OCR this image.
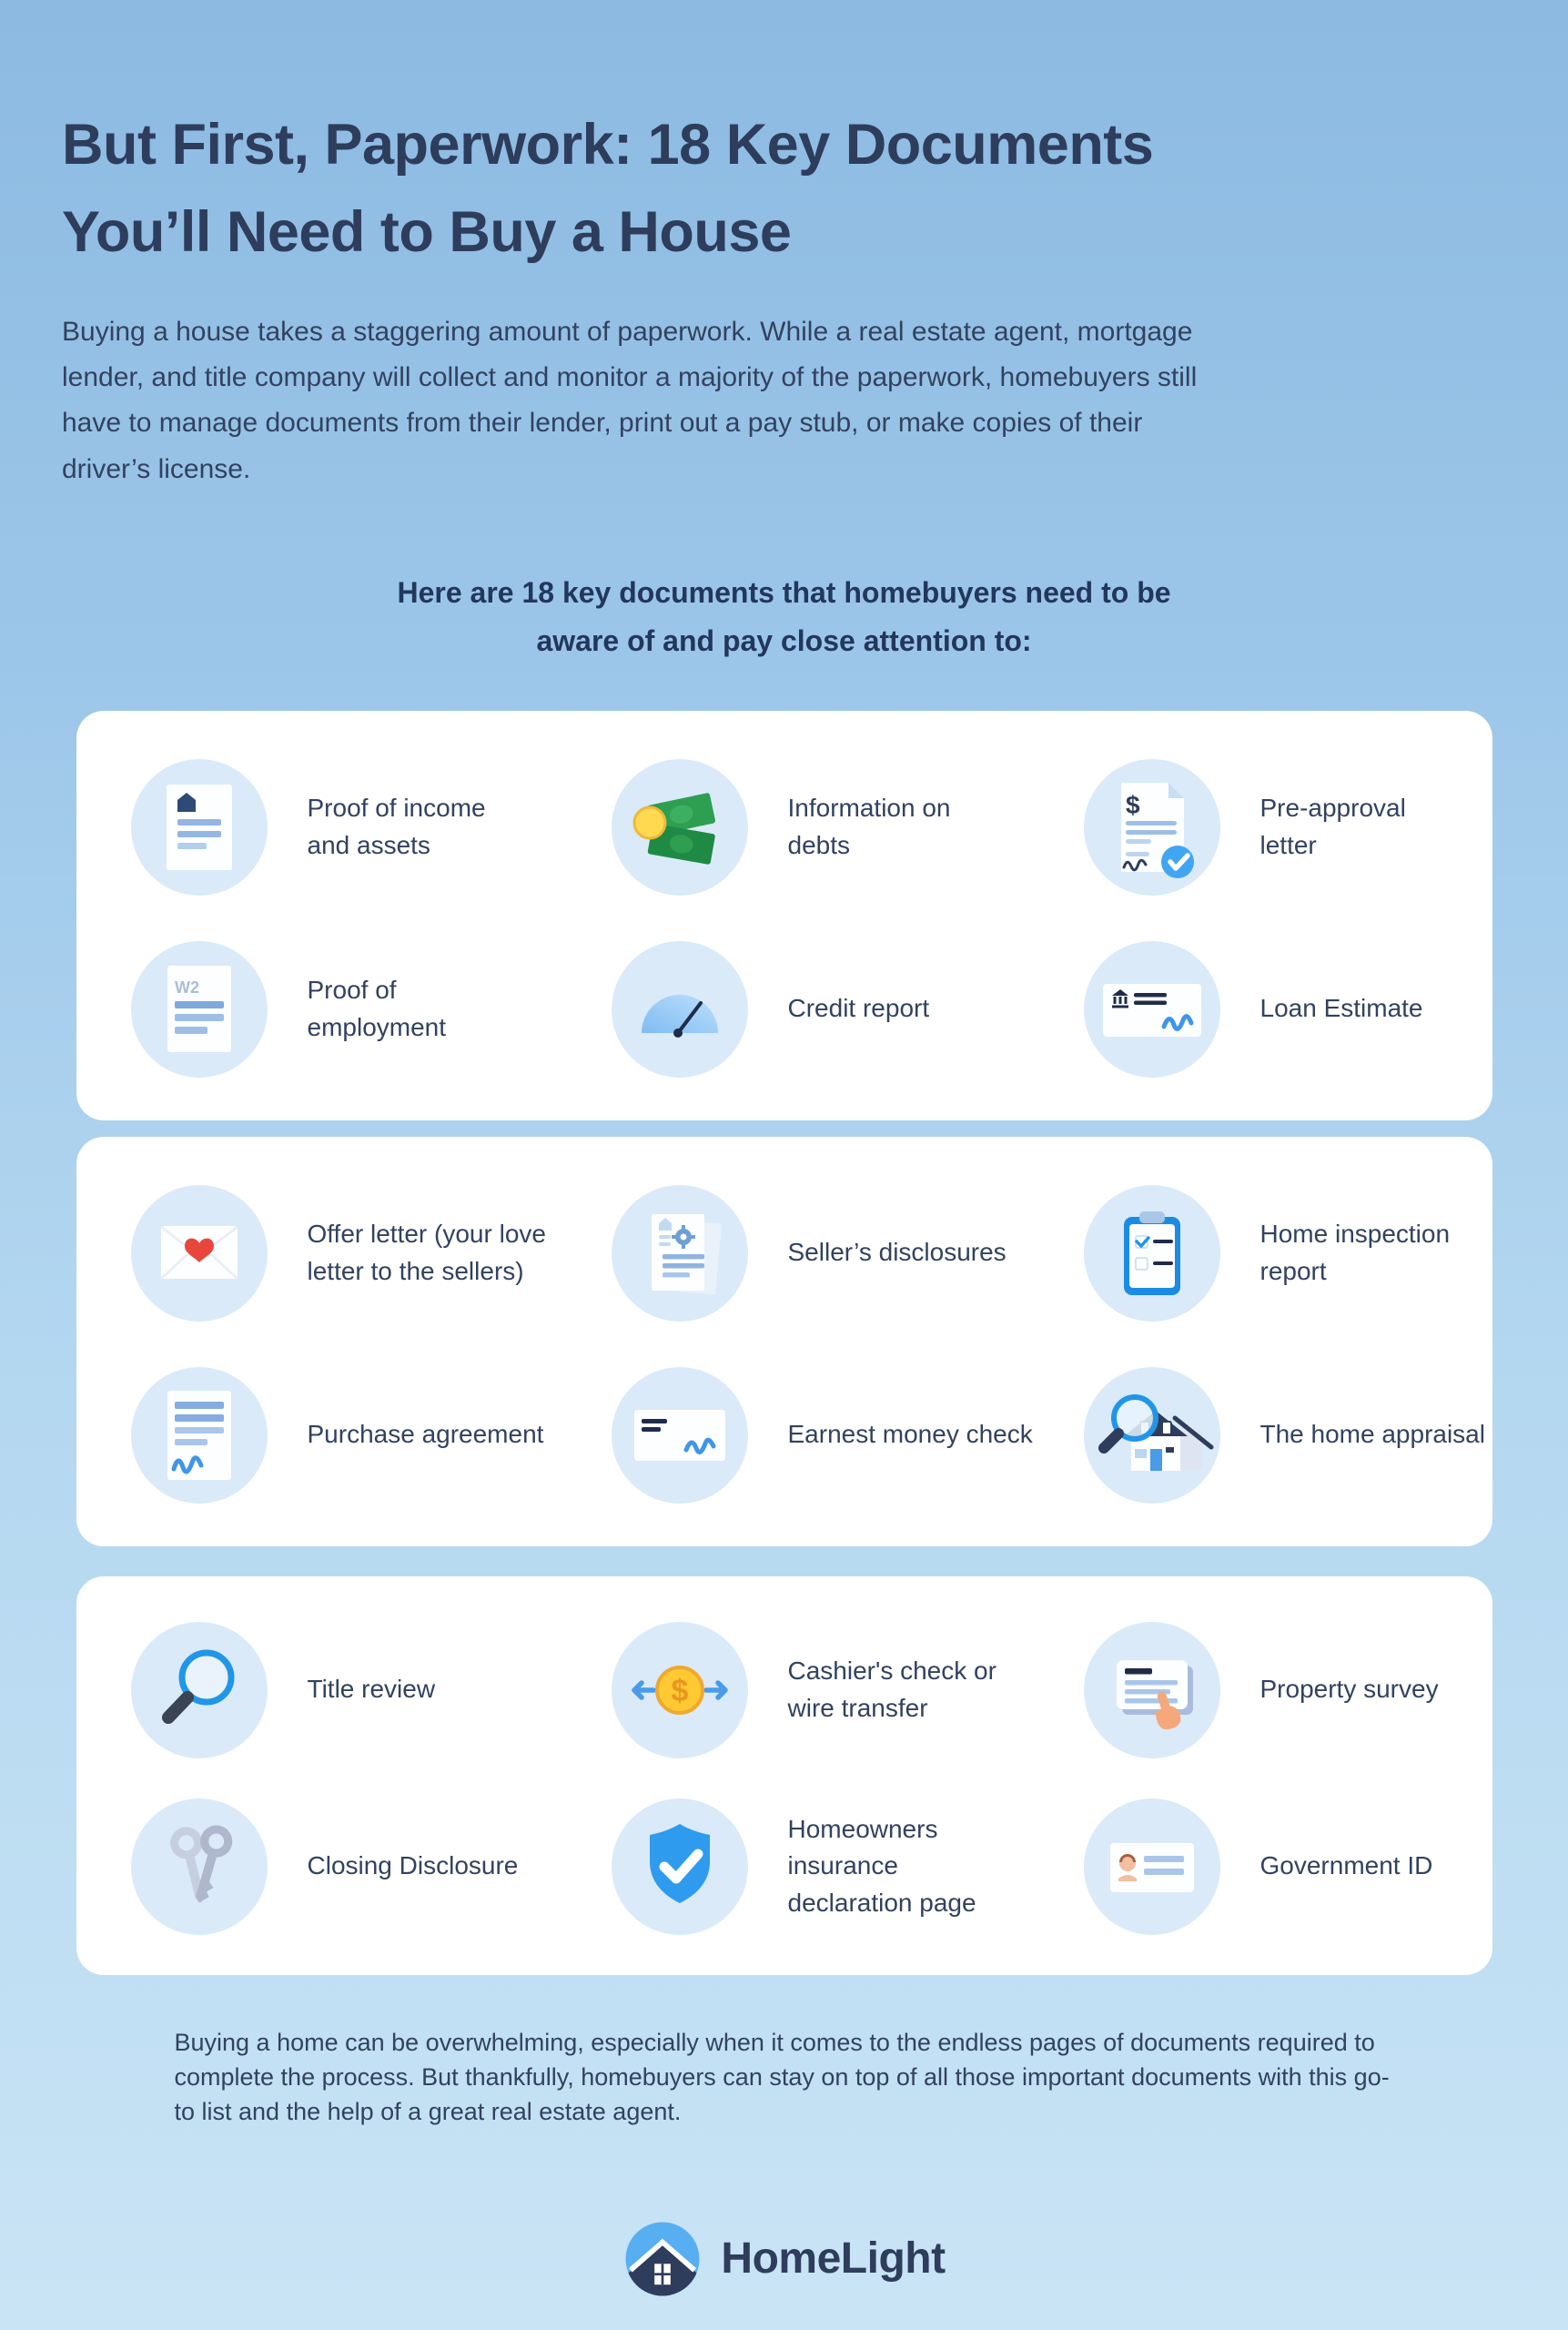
But First, Paperwork: 18 Key Documents
You’ll Need to Buy a House
Buying a house takes a staggering amount of paperwork. While a real estate agent, mortgage lender, and title company will collect and monitor a majority of the paperwork, homebuyers still have to manage documents from their lender, print out a pay stub, or make copies of their driver’s license.
Here are 18 key documents that homebuyers need to be aware of and pay close attention to:
Proof of income and assets
Information on debts
$	Pre-approval letter
W2	Proof of employment
Credit report	Loan Estimate
Offer letter (your love letter to the sellers)
Seller’s disclosures
Home inspection report
Purchase agreement	Earnest money check	The home appraisal
Title review	$
Cashier's check or wire transfer
Property survey
Closing Disclosure
Homeowners insurance declaration page
Government ID
Buying a home can be overwhelming, especially when it comes to the endless pages of documents required to complete the process. But thankfully, homebuyers can stay on top of all those important documents with this go-to list and the help of a great real estate agent.
HomeLight
